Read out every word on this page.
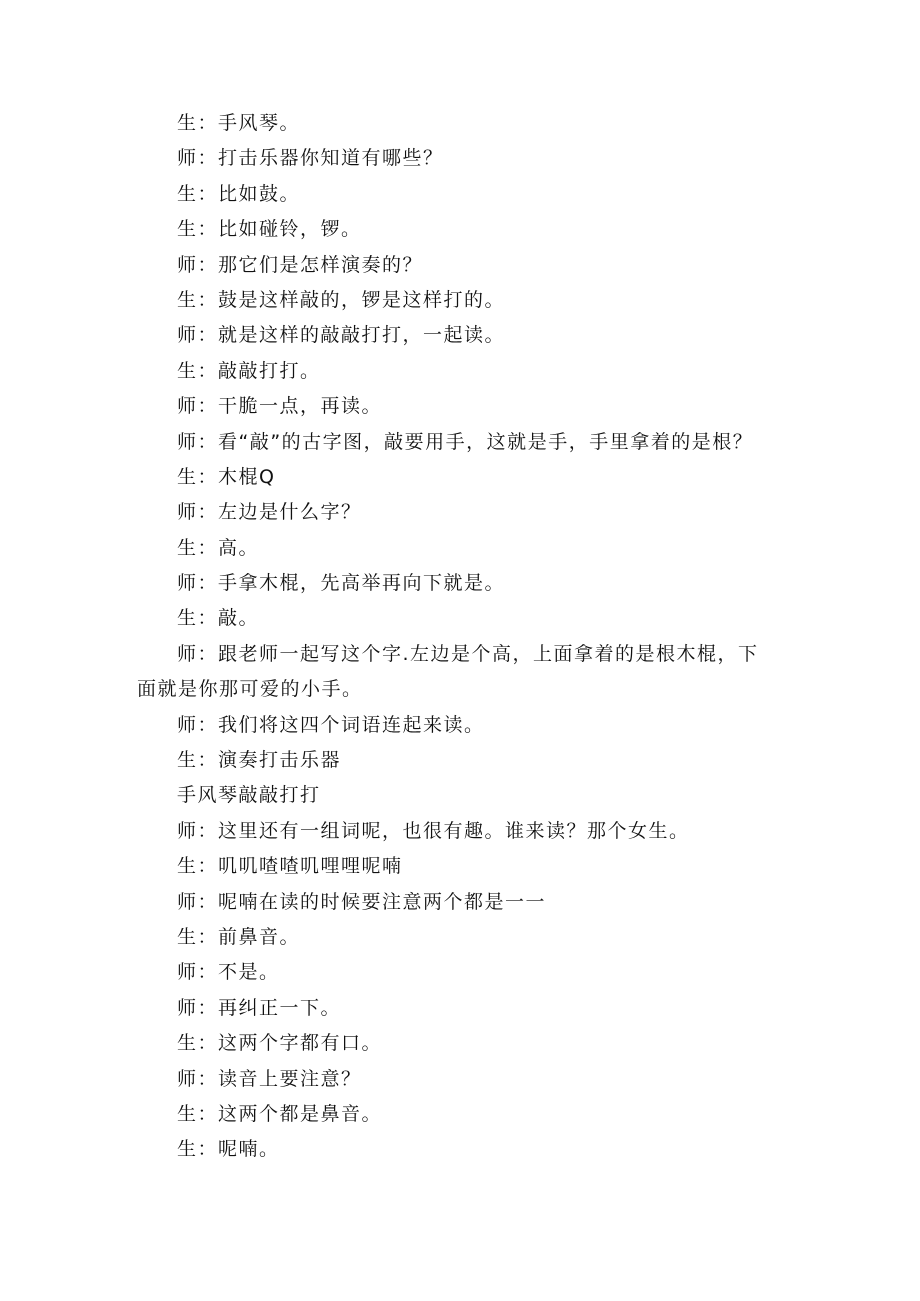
生：手风琴。
师：打击乐器你知道有哪些？
生：比如鼓。
生：比如碰铃，锣。
师：那它们是怎样演奏的？
生：鼓是这样敲的，锣是这样打的。
师：就是这样的敲敲打打，一起读。
生：敲敲打打。
师：干脆一点，再读。
师：看“敲”的古字图，敲要用手，这就是手，手里拿着的是根？
生：木棍Q
师：左边是什么字？
生：高。
师：手拿木棍，先高举再向下就是。
生：敲。
师：跟老师一起写这个字.左边是个高，上面拿着的是根木棍，下面就是你那可爱的小手。
师：我们将这四个词语连起来读。
生：演奏打击乐器
手风琴敲敲打打
师：这里还有一组词呢，也很有趣。谁来读？那个女生。
生：叽叽喳喳叽哩哩呢喃
师：呢喃在读的时候要注意两个都是一一
生：前鼻音。
师：不是。
师：再纠正一下。
生：这两个字都有口。
师：读音上要注意？
生：这两个都是鼻音。
生：呢喃。
